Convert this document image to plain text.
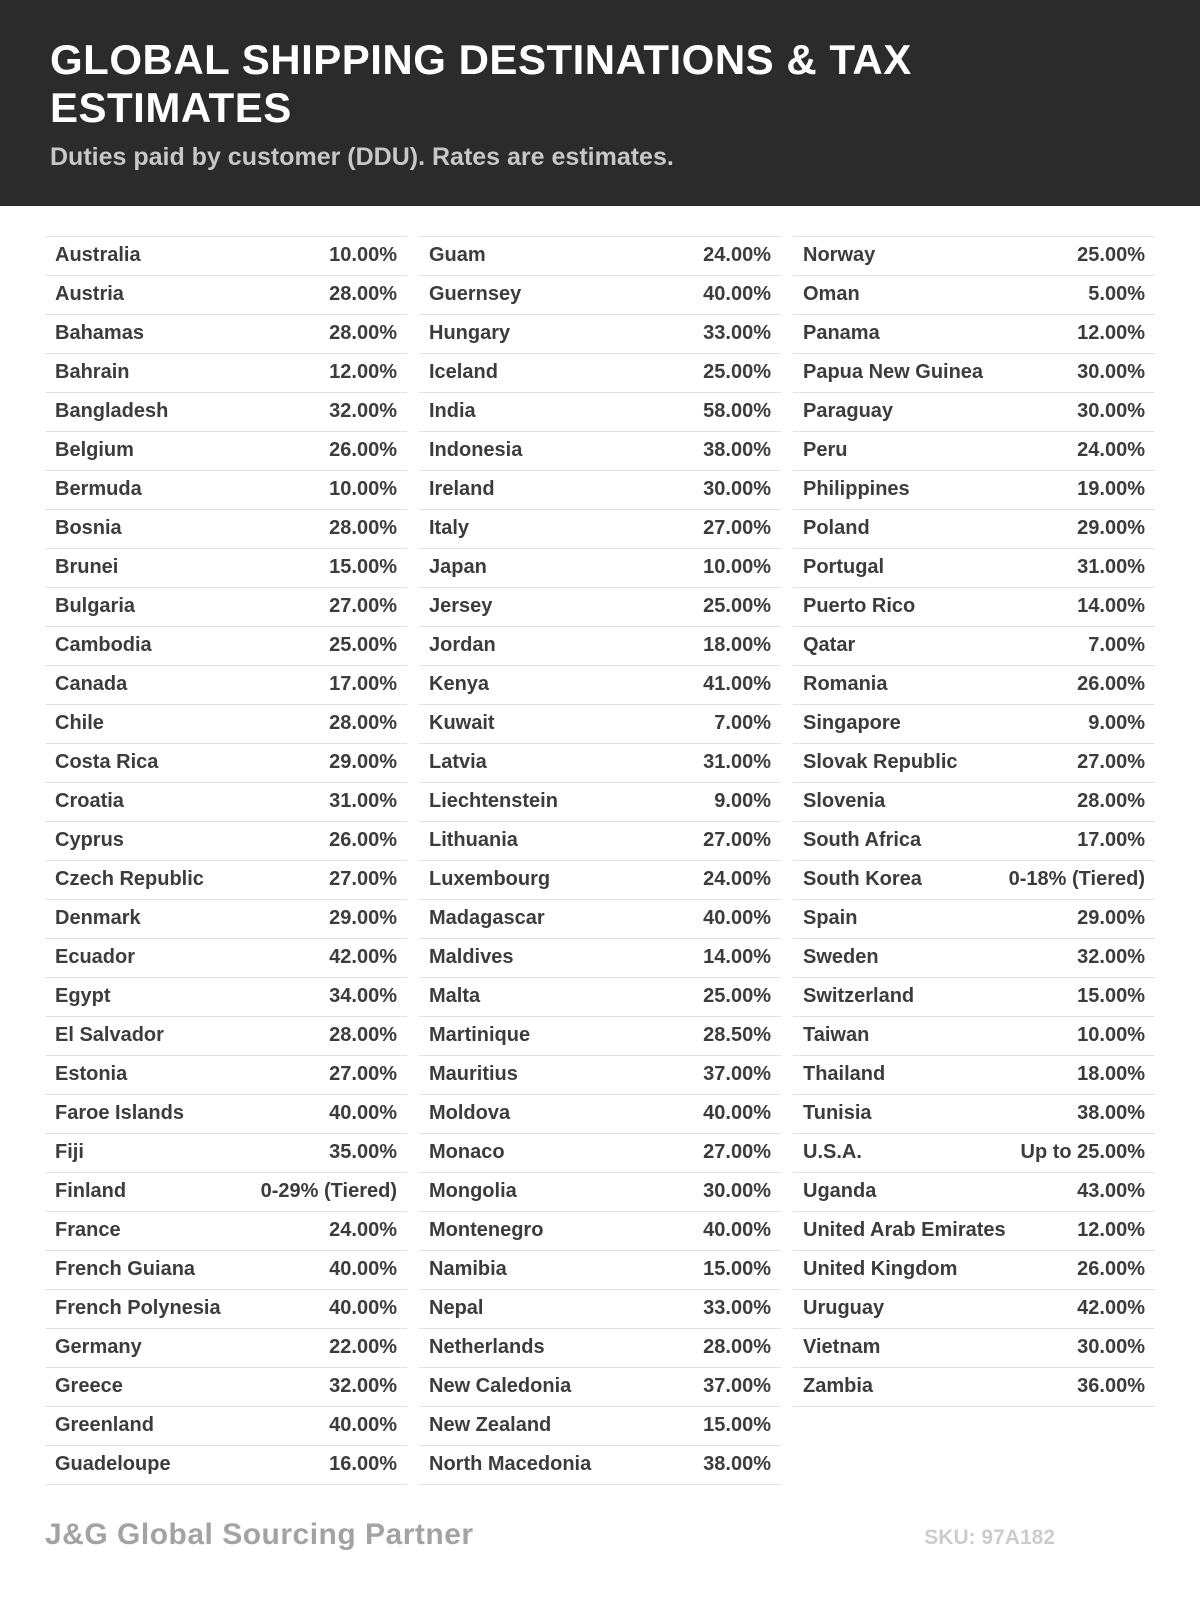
GLOBAL SHIPPING DESTINATIONS & TAX ESTIMATES

Duties paid by customer (DDU). Rates are estimates.

Australia	10.00%
Austria	28.00%
Bahamas	28.00%
Bahrain	12.00%
Bangladesh	32.00%
Belgium	26.00%
Bermuda	10.00%
Bosnia	28.00%
Brunei	15.00%
Bulgaria	27.00%
Cambodia	25.00%
Canada	17.00%
Chile	28.00%
Costa Rica	29.00%
Croatia	31.00%
Cyprus	26.00%
Czech Republic	27.00%
Denmark	29.00%
Ecuador	42.00%
Egypt	34.00%
El Salvador	28.00%
Estonia	27.00%
Faroe Islands	40.00%
Fiji	35.00%
Finland	0-29% (Tiered)
France	24.00%
French Guiana	40.00%
French Polynesia	40.00%
Germany	22.00%
Greece	32.00%
Greenland	40.00%
Guadeloupe	16.00%
Guam	24.00%
Guernsey	40.00%
Hungary	33.00%
Iceland	25.00%
India	58.00%
Indonesia	38.00%
Ireland	30.00%
Italy	27.00%
Japan	10.00%
Jersey	25.00%
Jordan	18.00%
Kenya	41.00%
Kuwait	7.00%
Latvia	31.00%
Liechtenstein	9.00%
Lithuania	27.00%
Luxembourg	24.00%
Madagascar	40.00%
Maldives	14.00%
Malta	25.00%
Martinique	28.50%
Mauritius	37.00%
Moldova	40.00%
Monaco	27.00%
Mongolia	30.00%
Montenegro	40.00%
Namibia	15.00%
Nepal	33.00%
Netherlands	28.00%
New Caledonia	37.00%
New Zealand	15.00%
North Macedonia	38.00%
Norway	25.00%
Oman	5.00%
Panama	12.00%
Papua New Guinea	30.00%
Paraguay	30.00%
Peru	24.00%
Philippines	19.00%
Poland	29.00%
Portugal	31.00%
Puerto Rico	14.00%
Qatar	7.00%
Romania	26.00%
Singapore	9.00%
Slovak Republic	27.00%
Slovenia	28.00%
South Africa	17.00%
South Korea	0-18% (Tiered)
Spain	29.00%
Sweden	32.00%
Switzerland	15.00%
Taiwan	10.00%
Thailand	18.00%
Tunisia	38.00%
U.S.A.	Up to 25.00%
Uganda	43.00%
United Arab Emirates	12.00%
United Kingdom	26.00%
Uruguay	42.00%
Vietnam	30.00%
Zambia	36.00%
J&G Global Sourcing Partner	SKU: 97A182
